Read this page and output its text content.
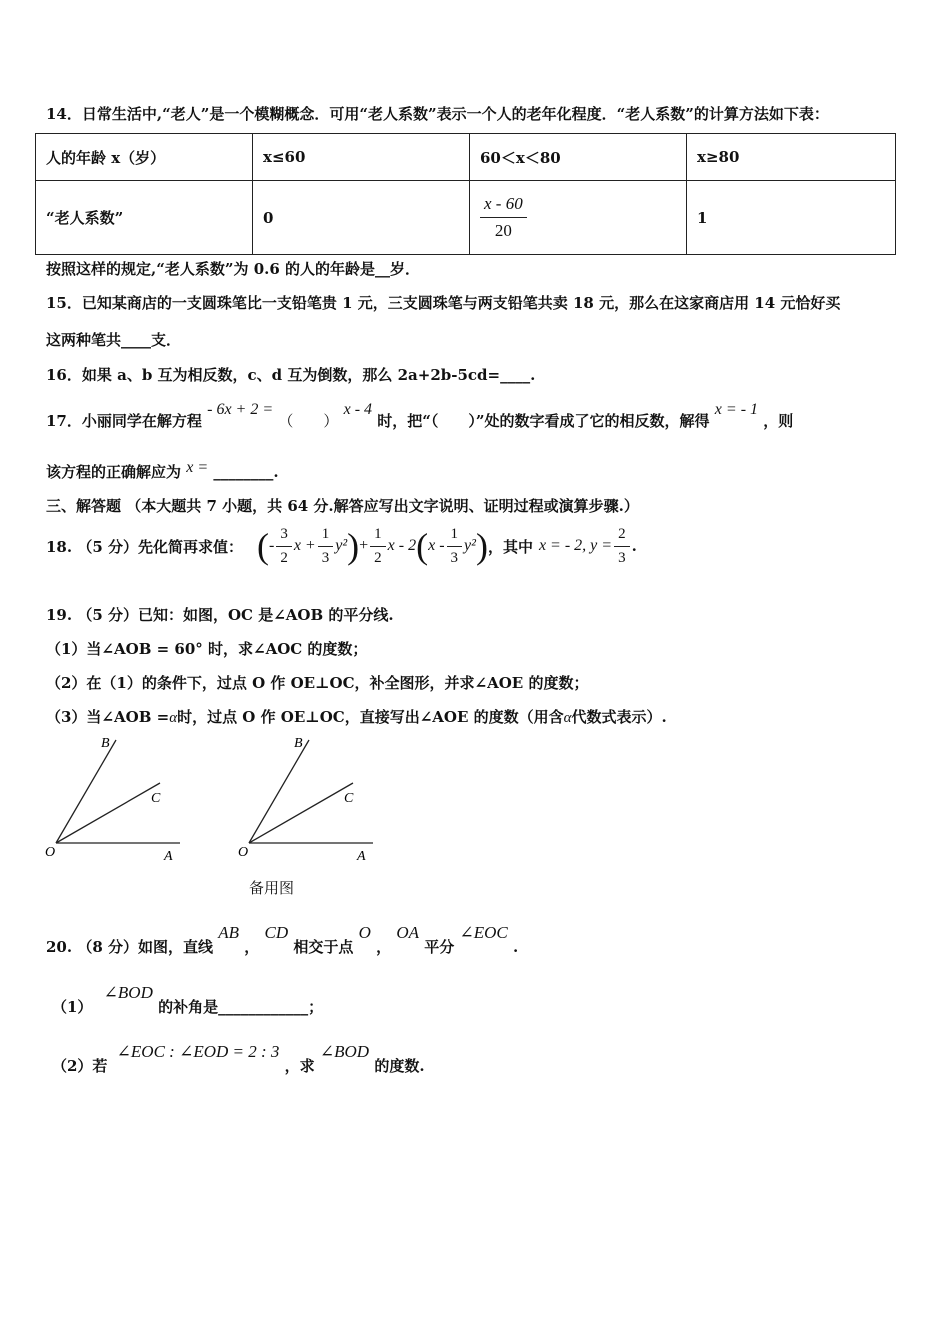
14．日常生活中,“老人”是一个模糊概念．可用“老人系数”表示一个人的老年化程度．“老人系数”的计算方法如下表：
人的年龄 x（岁）	x≤60	60＜x＜80	x≥80
“老人系数”	0	$\frac{x - 60}{20}$	1
按照这样的规定,“老人系数”为 0.6 的人的年龄是__岁．
15．已知某商店的一支圆珠笔比一支铅笔贵 1 元，三支圆珠笔与两支铅笔共卖 18 元，那么在这家商店用 14 元恰好买
这两种笔共____支．
16．如果 a、b 互为相反数，c、d 互为倒数，那么 2a+2b-5cd=____.
17．小丽同学在解方程 - 6x + 2 = （　　） x - 4 时，把“（　　）”处的数字看成了它的相反数，解得 x = - 1 ，则
该方程的正确解应为 x = ________.
三、解答题 （本大题共 7 小题，共 64 分.解答应写出文字说明、证明过程或演算步骤.）
18. （5 分）先化简再求值： ( - $\frac{3}{2}$ $x + \frac{1}{3} y^2$ ) + $\frac{1}{2}$ x - 2 ( x - $\frac{1}{3} y^2$ ) ，其中 x = - 2, $y = \frac{2}{3}$ .
19. （5 分）已知：如图，OC 是∠AOB 的平分线.
（1）当∠AOB = 60° 时，求∠AOC 的度数；
（2）在（1）的条件下，过点 O 作 OE⊥OC，补全图形，并求∠AOE 的度数；
（3）当∠AOB =α时，过点 O 作 OE⊥OC，直接写出∠AOE 的度数（用含α代数式表示）.
B
C
O	A
B
C
O	A
备用图
20. （8 分）如图，直线 AB ， CD 相交于点 O ， OA 平分 ∠EOC .
（1） ∠BOD 的补角是____________；
（2）若 ∠EOC : ∠EOD = 2 : 3 ，求 ∠BOD 的度数.
